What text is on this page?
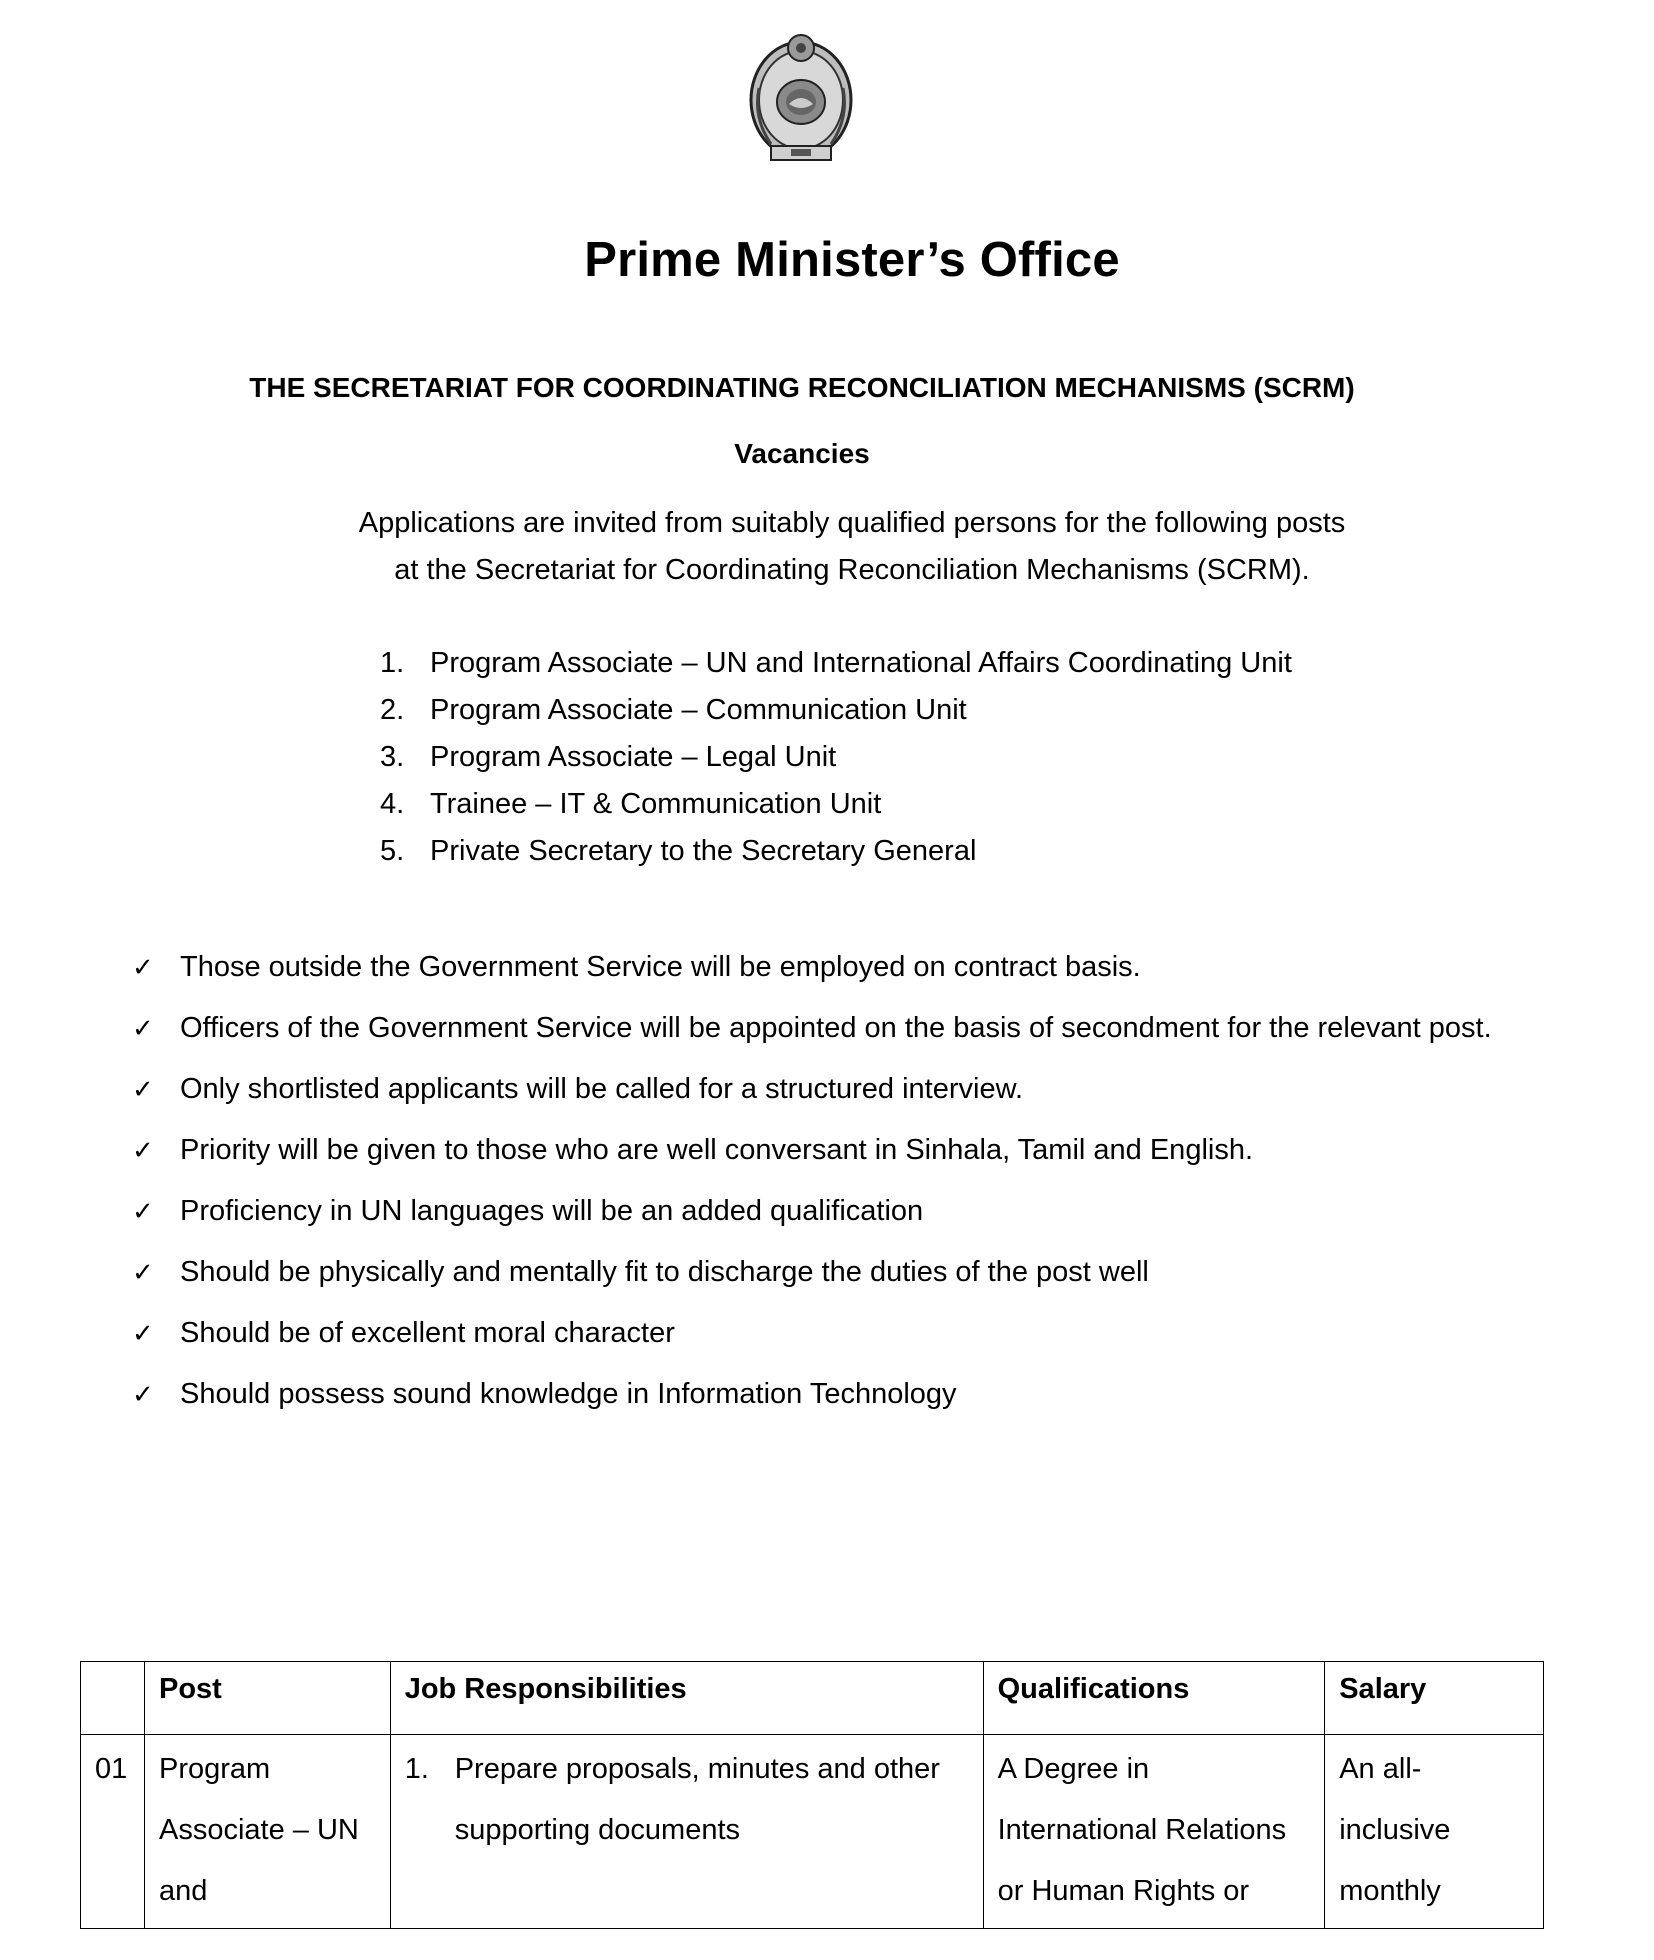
Prime Minister’s Office
THE SECRETARIAT FOR COORDINATING RECONCILIATION MECHANISMS (SCRM)
Vacancies
Applications are invited from suitably qualified persons for the following posts
at the Secretariat for Coordinating Reconciliation Mechanisms (SCRM).
1. Program Associate – UN and International Affairs Coordinating Unit
2. Program Associate – Communication Unit
3. Program Associate – Legal Unit
4. Trainee – IT & Communication Unit
5. Private Secretary to the Secretary General
✓ Those outside the Government Service will be employed on contract basis.
✓ Officers of the Government Service will be appointed on the basis of secondment for the relevant post.
✓ Only shortlisted applicants will be called for a structured interview.
✓ Priority will be given to those who are well conversant in Sinhala, Tamil and English.
✓ Proficiency in UN languages will be an added qualification
✓ Should be physically and mentally fit to discharge the duties of the post well
✓ Should be of excellent moral character
✓ Should possess sound knowledge in Information Technology
	Post	Job Responsibilities	Qualifications	Salary
01	Program Associate – UN and	1. Prepare proposals, minutes and other supporting documents	A Degree in International Relations or Human Rights or	An all-inclusive monthly
